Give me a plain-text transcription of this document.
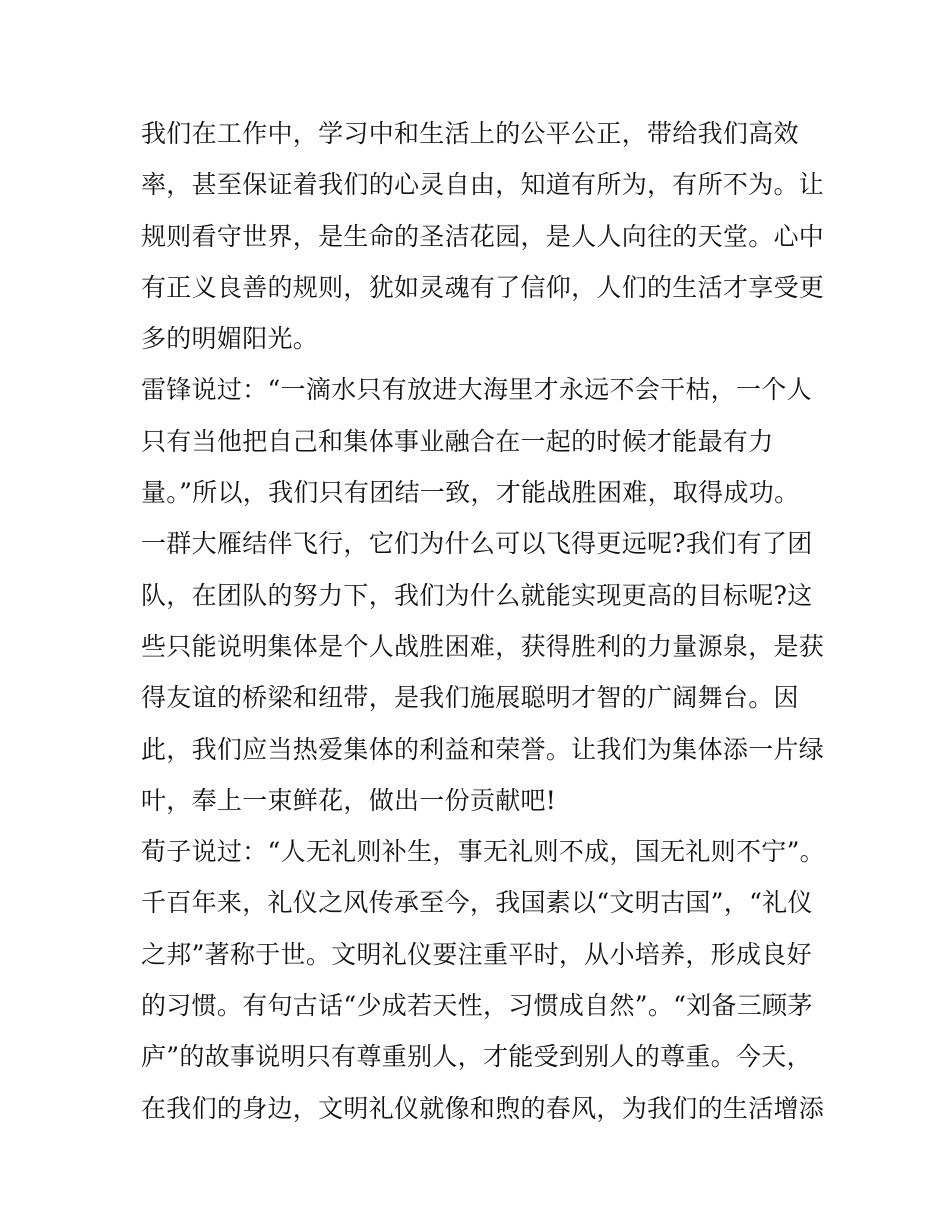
我们在工作中，学习中和生活上的公平公正，带给我们高效
率，甚至保证着我们的心灵自由，知道有所为，有所不为。让
规则看守世界，是生命的圣洁花园，是人人向往的天堂。心中
有正义良善的规则，犹如灵魂有了信仰，人们的生活才享受更
多的明媚阳光。
雷锋说过：“一滴水只有放进大海里才永远不会干枯，一个人
只有当他把自己和集体事业融合在一起的时候才能最有力
量。”所以，我们只有团结一致，才能战胜困难，取得成功。
一群大雁结伴飞行，它们为什么可以飞得更远呢?我们有了团
队，在团队的努力下，我们为什么就能实现更高的目标呢?这
些只能说明集体是个人战胜困难，获得胜利的力量源泉，是获
得友谊的桥梁和纽带，是我们施展聪明才智的广阔舞台。因
此，我们应当热爱集体的利益和荣誉。让我们为集体添一片绿
叶，奉上一束鲜花，做出一份贡献吧!
荀子说过：“人无礼则补生，事无礼则不成，国无礼则不宁”。
千百年来，礼仪之风传承至今，我国素以“文明古国”，“礼仪
之邦”著称于世。文明礼仪要注重平时，从小培养，形成良好
的习惯。有句古话“少成若天性，习惯成自然”。“刘备三顾茅
庐”的故事说明只有尊重别人，才能受到别人的尊重。今天，
在我们的身边，文明礼仪就像和煦的春风，为我们的生活增添
